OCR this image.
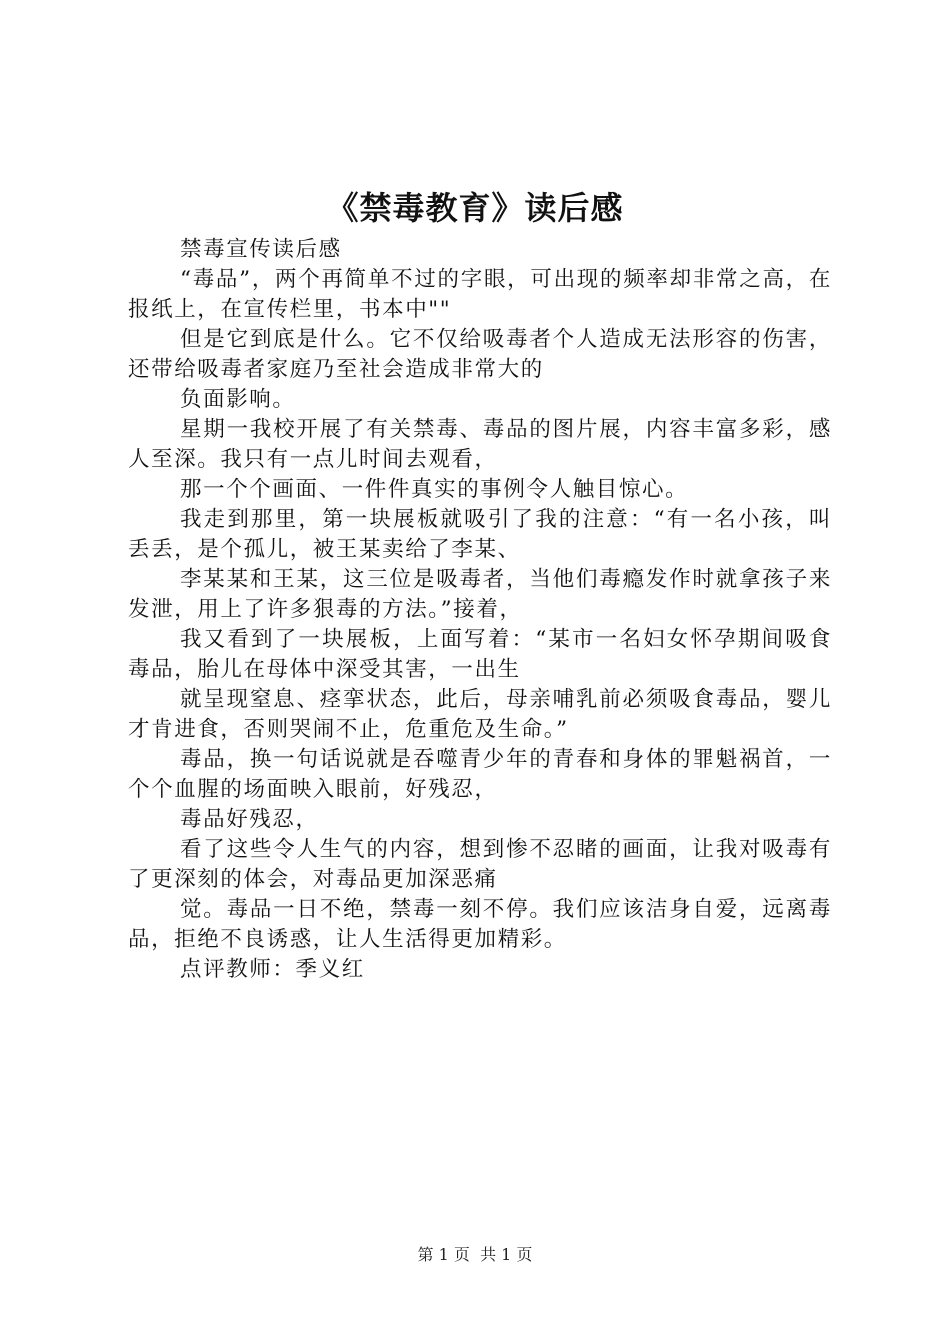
《禁毒教育》读后感

禁毒宣传读后感

“毒品”，两个再简单不过的字眼，可出现的频率却非常之高，在报纸上，在宣传栏里，书本中""

但是它到底是什么。它不仅给吸毒者个人造成无法形容的伤害，还带给吸毒者家庭乃至社会造成非常大的

负面影响。

星期一我校开展了有关禁毒、毒品的图片展，内容丰富多彩，感人至深。我只有一点儿时间去观看，

那一个个画面、一件件真实的事例令人触目惊心。

我走到那里，第一块展板就吸引了我的注意：“有一名小孩，叫丢丢，是个孤儿，被王某卖给了李某、

李某某和王某，这三位是吸毒者，当他们毒瘾发作时就拿孩子来发泄，用上了许多狠毒的方法。”接着，

我又看到了一块展板，上面写着：“某市一名妇女怀孕期间吸食毒品，胎儿在母体中深受其害，一出生

就呈现窒息、痉挛状态，此后，母亲哺乳前必须吸食毒品，婴儿才肯进食，否则哭闹不止，危重危及生命。”

毒品，换一句话说就是吞噬青少年的青春和身体的罪魁祸首，一个个血腥的场面映入眼前，好残忍，

毒品好残忍，

看了这些令人生气的内容，想到惨不忍睹的画面，让我对吸毒有了更深刻的体会，对毒品更加深恶痛

觉。毒品一日不绝，禁毒一刻不停。我们应该洁身自爱，远离毒品，拒绝不良诱惑，让人生活得更加精彩。

点评教师：季义红

第 1 页  共 1 页
